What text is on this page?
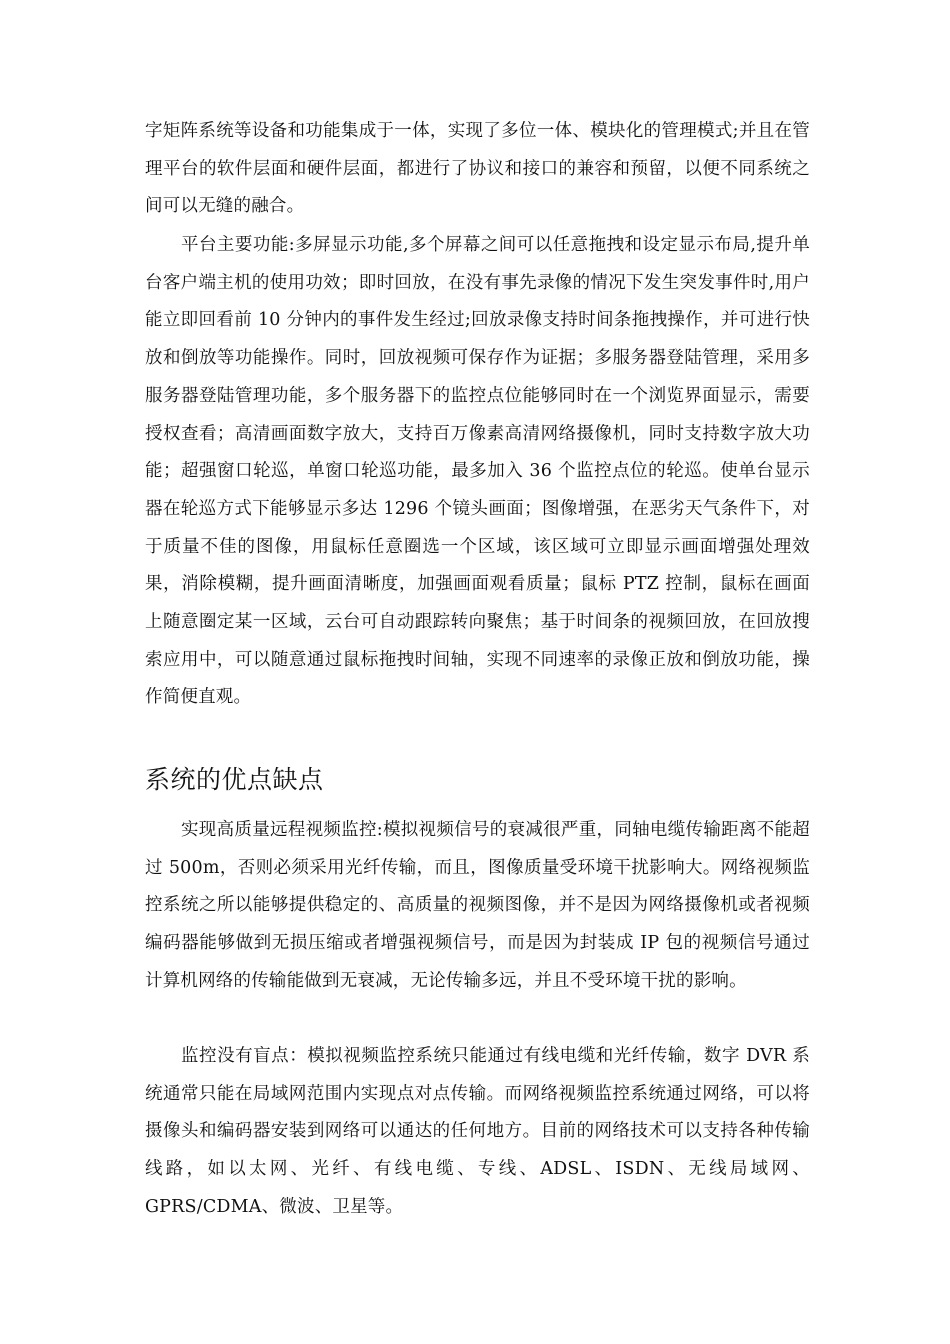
字矩阵系统等设备和功能集成于一体，实现了多位一体、模块化的管理模式;并且在管理平台的软件层面和硬件层面，都进行了协议和接口的兼容和预留，以便不同系统之间可以无缝的融合。

平台主要功能:多屏显示功能,多个屏幕之间可以任意拖拽和设定显示布局,提升单台客户端主机的使用功效；即时回放，在没有事先录像的情况下发生突发事件时,用户能立即回看前 10 分钟内的事件发生经过;回放录像支持时间条拖拽操作，并可进行快放和倒放等功能操作。同时，回放视频可保存作为证据；多服务器登陆管理，采用多服务器登陆管理功能，多个服务器下的监控点位能够同时在一个浏览界面显示，需要授权查看；高清画面数字放大，支持百万像素高清网络摄像机，同时支持数字放大功能；超强窗口轮巡，单窗口轮巡功能，最多加入 36 个监控点位的轮巡。使单台显示器在轮巡方式下能够显示多达 1296 个镜头画面；图像增强，在恶劣天气条件下，对于质量不佳的图像，用鼠标任意圈选一个区域，该区域可立即显示画面增强处理效果，消除模糊，提升画面清晰度，加强画面观看质量；鼠标 PTZ 控制，鼠标在画面上随意圈定某一区域，云台可自动跟踪转向聚焦；基于时间条的视频回放，在回放搜索应用中，可以随意通过鼠标拖拽时间轴，实现不同速率的录像正放和倒放功能，操作简便直观。

系统的优点缺点

实现高质量远程视频监控:模拟视频信号的衰减很严重，同轴电缆传输距离不能超过 500m，否则必须采用光纤传输，而且，图像质量受环境干扰影响大。网络视频监控系统之所以能够提供稳定的、高质量的视频图像，并不是因为网络摄像机或者视频编码器能够做到无损压缩或者增强视频信号，而是因为封装成 IP 包的视频信号通过计算机网络的传输能做到无衰减，无论传输多远，并且不受环境干扰的影响。

监控没有盲点：模拟视频监控系统只能通过有线电缆和光纤传输，数字 DVR 系统通常只能在局域网范围内实现点对点传输。而网络视频监控系统通过网络，可以将摄像头和编码器安装到网络可以通达的任何地方。目前的网络技术可以支持各种传输线路，如以太网、光纤、有线电缆、专线、ADSL、ISDN、无线局域网、 GPRS/CDMA、微波、卫星等。
